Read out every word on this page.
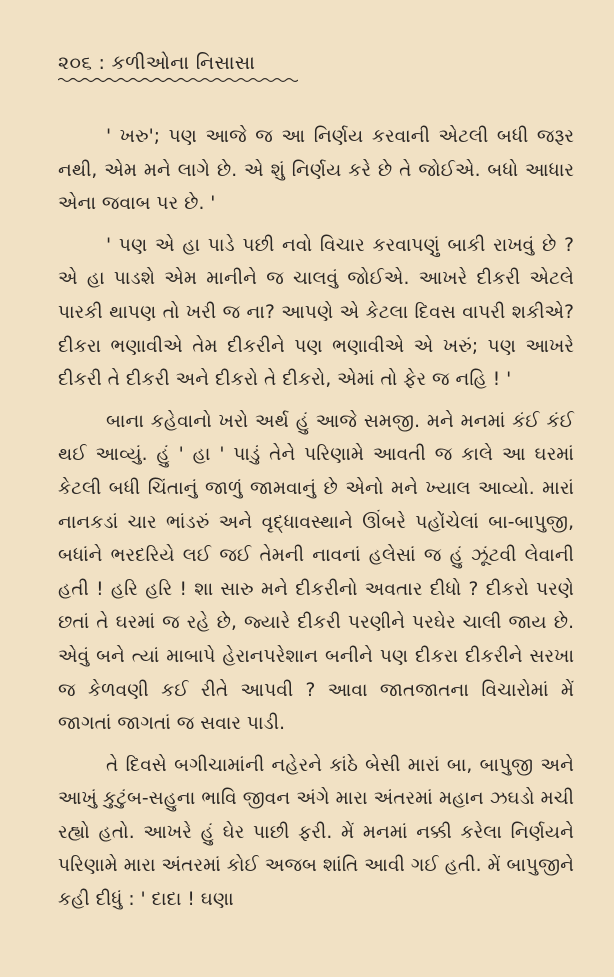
૨૦૬ : કળીઓના નિસાસા

' ખરુ'; પણ આજે જ આ નિર્ણય કરવાની એટલી બધી જરૂર નથી, એમ મને લાગે છે. એ શું નિર્ણય કરે છે તે જોઈએ. બધો આધાર એના જવાબ પર છે. '

' પણ એ હા પાડે પછી નવો વિચાર કરવાપણું બાકી રાખવું છે ? એ હા પાડશે એમ માનીને જ ચાલવું જોઈએ. આખરે દીકરી એટલે પારકી થાપણ તો ખરી જ ના? આપણે એ કેટલા દિવસ વાપરી શકીએ? દીકરા ભણાવીએ તેમ દીકરીને પણ ભણાવીએ એ ખરું; પણ આખરે દીકરી તે દીકરી અને દીકરો તે દીકરો, એમાં તો ફેર જ નહિ ! '

બાના કહેવાનો ખરો અર્થ હું આજે સમજી. મને મનમાં કંઈ કંઈ થઈ આવ્યું. હું ' હા ' પાડું તેને પરિણામે આવતી જ કાલે આ ઘરમાં કેટલી બધી ચિંતાનું જાળું જામવાનું છે એનો મને ખ્યાલ આવ્યો. મારાં નાનકડાં ચાર ભાંડરું અને વૃદ્ધાવસ્થાને ઊંબરે પહોંચેલાં બા-બાપુજી, બધાંને ભરદરિયે લઈ જઈ તેમની નાવનાં હલેસાં જ હું ઝૂંટવી લેવાની હતી ! હરિ હરિ ! શા સારુ મને દીકરીનો અવતાર દીધો ? દીકરો પરણે છતાં તે ઘરમાં જ રહે છે, જ્યારે દીકરી પરણીને પરઘેર ચાલી જાય છે. એવું બને ત્યાં માબાપે હેરાનપરેશાન બનીને પણ દીકરા દીકરીને સરખા જ કેળવણી કઈ રીતે આપવી ? આવા જાતજાતના વિચારોમાં મેં જાગતાં જાગતાં જ સવાર પાડી.

તે દિવસે બગીચામાંની નહેરને કાંઠે બેસી મારાં બા, બાપુજી અને આખું કુટુંબ-સહુના ભાવિ જીવન અંગે મારા અંતરમાં મહાન ઝઘડો મચી રહ્યો હતો. આખરે હું ઘેર પાછી ફરી. મેં મનમાં નક્કી કરેલા નિર્ણયને પરિણામે મારા અંતરમાં કોઈ અજબ શાંતિ આવી ગઈ હતી. મેં બાપુજીને કહી દીધું : ' દાદા ! ઘણા
